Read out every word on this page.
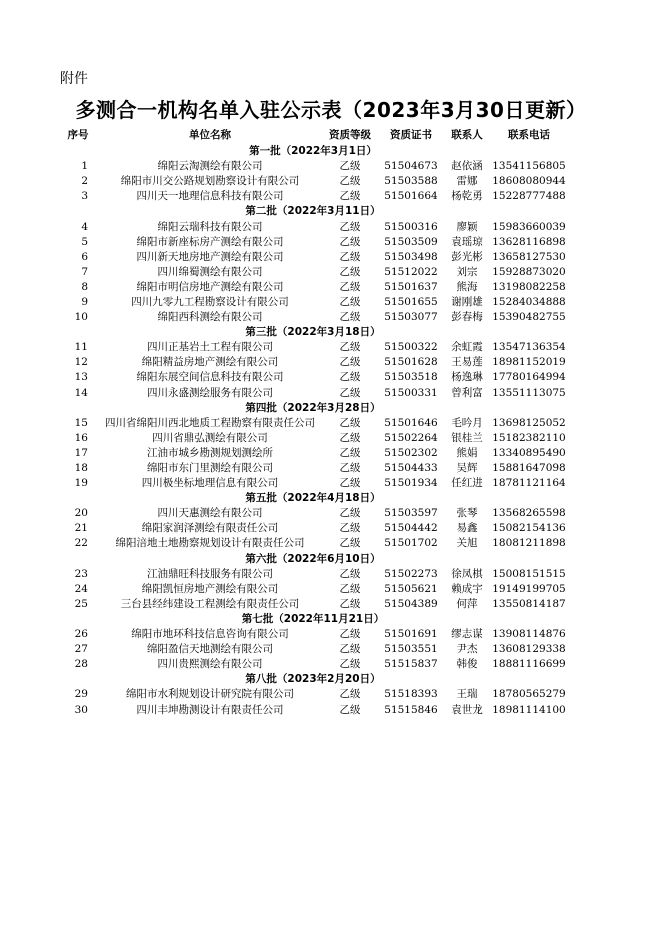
附件
多测合一机构名单入驻公示表（2023年3月30日更新）
序号	单位名称	资质等级	资质证书	联系人	联系电话
第一批（2022年3月1日）					
1	绵阳云淘测绘有限公司	乙级	51504673	赵依涵	13541156805
2	绵阳市川交公路规划勘察设计有限公司	乙级	51503588	雷娜	18608080944
3	四川天一地理信息科技有限公司	乙级	51501664	杨乾勇	15228777488
第二批（2022年3月11日）					
4	绵阳云瑞科技有限公司	乙级	51500316	廖颖	15983660039
5	绵阳市新座标房产测绘有限公司	乙级	51503509	袁瑶琼	13628116898
6	四川新天地房地产测绘有限公司	乙级	51503498	彭光彬	13658127530
7	四川绵蜀测绘有限公司	乙级	51512022	刘宗	15928873020
8	绵阳市明信房地产测绘有限公司	乙级	51501637	熊海	13198082258
9	四川九零九工程勘察设计有限公司	乙级	51501655	谢刚雄	15284034888
10	绵阳西科测绘有限公司	乙级	51503077	彭春梅	15390482755
第三批（2022年3月18日）					
11	四川正基岩土工程有限公司	乙级	51500322	余虹霞	13547136354
12	绵阳精益房地产测绘有限公司	乙级	51501628	王易莲	18981152019
13	绵阳东展空间信息科技有限公司	乙级	51503518	杨逸琳	17780164994
14	四川永盛测绘服务有限公司	乙级	51500331	曾利富	13551113075
第四批（2022年3月28日）					
15	四川省绵阳川西北地质工程勘察有限责任公司	乙级	51501646	毛吟月	13698125052
16	四川省鼎弘测绘有限公司	乙级	51502264	银桂兰	15182382110
17	江油市城乡勘测规划测绘所	乙级	51502302	熊娟	13340895490
18	绵阳市东门里测绘有限公司	乙级	51504433	吴辉	15881647098
19	四川极坐标地理信息有限公司	乙级	51501934	任红进	18781121164
第五批（2022年4月18日）					
20	四川天惠测绘有限公司	乙级	51503597	张琴	13568265598
21	绵阳家润泽测绘有限责任公司	乙级	51504442	易鑫	15082154136
22	绵阳涪地土地勘察规划设计有限责任公司	乙级	51501702	关旭	18081211898
第六批（2022年6月10日）					
23	江油鼎旺科技服务有限公司	乙级	51502273	徐凤棋	15008151515
24	绵阳凯恒房地产测绘有限公司	乙级	51505621	赖成宇	19149199705
25	三台县经纬建设工程测绘有限责任公司	乙级	51504389	何萍	13550814187
第七批（2022年11月21日）					
26	绵阳市地环科技信息咨询有限公司	乙级	51501691	缪志谋	13908114876
27	绵阳盈信天地测绘有限公司	乙级	51503551	尹杰	13608129338
28	四川贵熙测绘有限公司	乙级	51515837	韩俊	18881116699
第八批（2023年2月20日）					
29	绵阳市水利规划设计研究院有限公司	乙级	51518393	王瑞	18780565279
30	四川丰坤勘测设计有限责任公司	乙级	51515846	袁世龙	18981114100
